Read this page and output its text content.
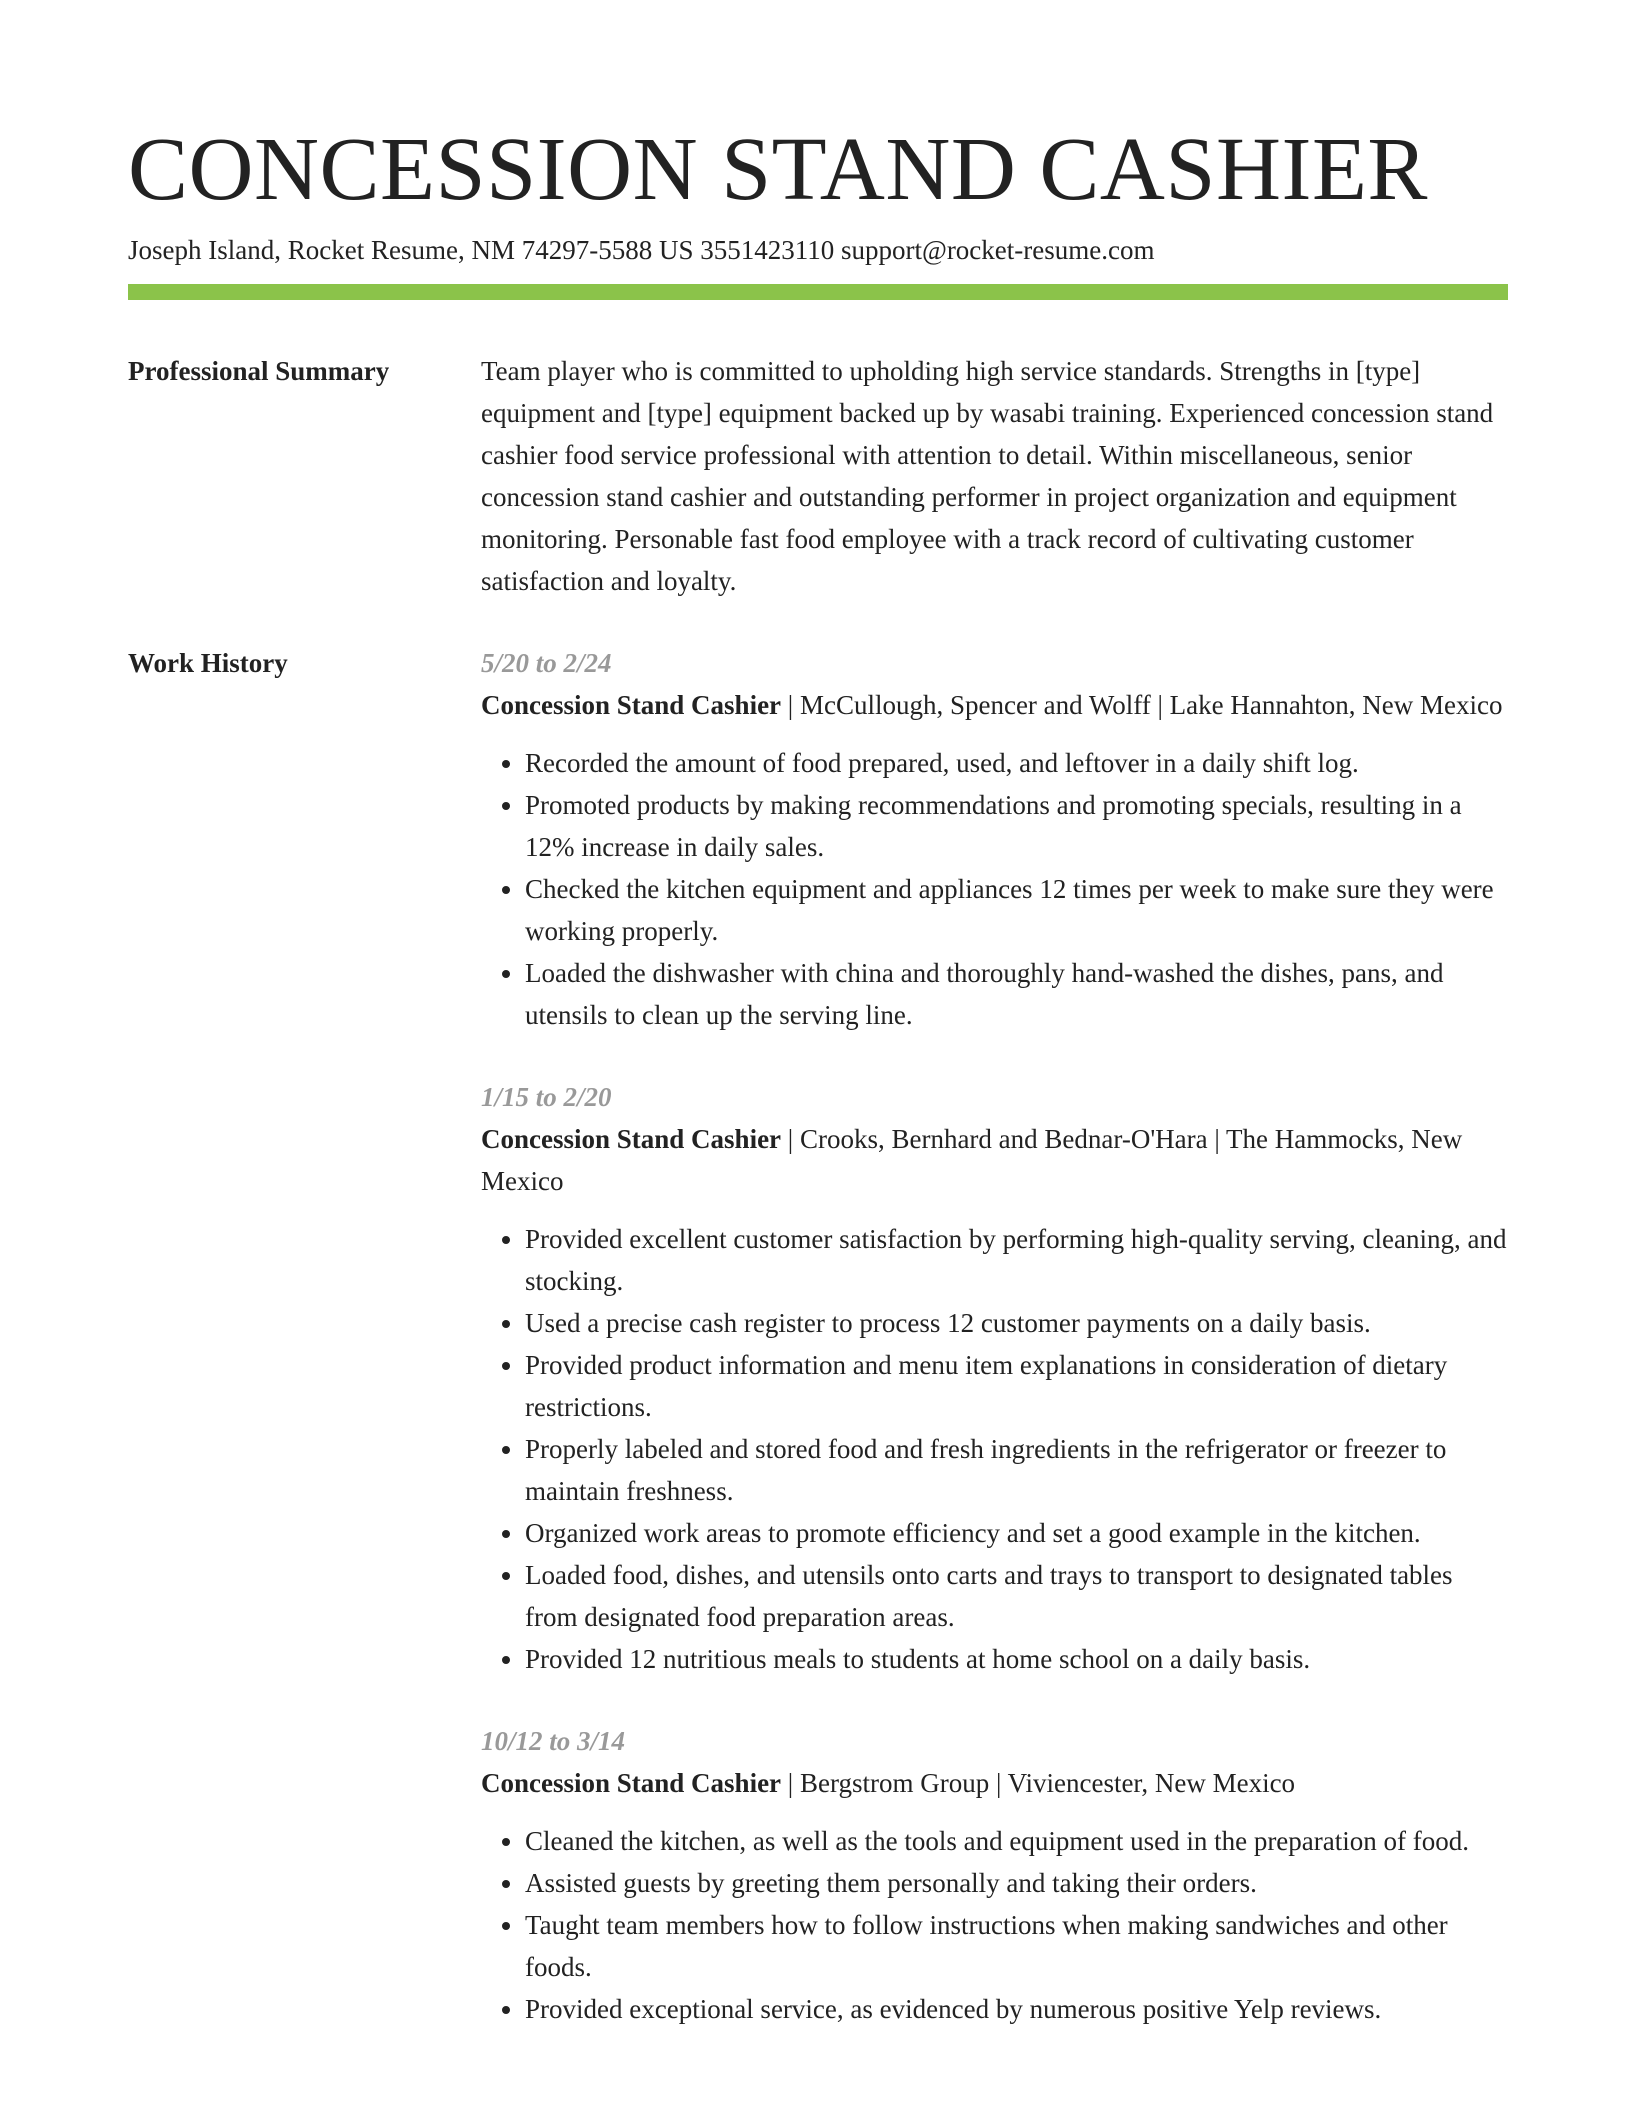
CONCESSION STAND CASHIER
Joseph Island, Rocket Resume, NM 74297-5588 US 3551423110 support@rocket-resume.com
Professional Summary	Team player who is committed to upholding high service standards. Strengths in [type] equipment and [type] equipment backed up by wasabi training. Experienced concession stand cashier food service professional with attention to detail. Within miscellaneous, senior concession stand cashier and outstanding performer in project organization and equipment monitoring. Personable fast food employee with a track record of cultivating customer satisfaction and loyalty.

Work History	5/20 to 2/24
Concession Stand Cashier | McCullough, Spencer and Wolff | Lake Hannahton, New Mexico
• Recorded the amount of food prepared, used, and leftover in a daily shift log.
• Promoted products by making recommendations and promoting specials, resulting in a 12% increase in daily sales.
• Checked the kitchen equipment and appliances 12 times per week to make sure they were working properly.
• Loaded the dishwasher with china and thoroughly hand-washed the dishes, pans, and utensils to clean up the serving line.
1/15 to 2/20
Concession Stand Cashier | Crooks, Bernhard and Bednar-O'Hara | The Hammocks, New Mexico
• Provided excellent customer satisfaction by performing high-quality serving, cleaning, and stocking.
• Used a precise cash register to process 12 customer payments on a daily basis.
• Provided product information and menu item explanations in consideration of dietary restrictions.
• Properly labeled and stored food and fresh ingredients in the refrigerator or freezer to maintain freshness.
• Organized work areas to promote efficiency and set a good example in the kitchen.
• Loaded food, dishes, and utensils onto carts and trays to transport to designated tables from designated food preparation areas.
• Provided 12 nutritious meals to students at home school on a daily basis.
10/12 to 3/14
Concession Stand Cashier | Bergstrom Group | Viviencester, New Mexico
• Cleaned the kitchen, as well as the tools and equipment used in the preparation of food.
• Assisted guests by greeting them personally and taking their orders.
• Taught team members how to follow instructions when making sandwiches and other foods.
• Provided exceptional service, as evidenced by numerous positive Yelp reviews.
